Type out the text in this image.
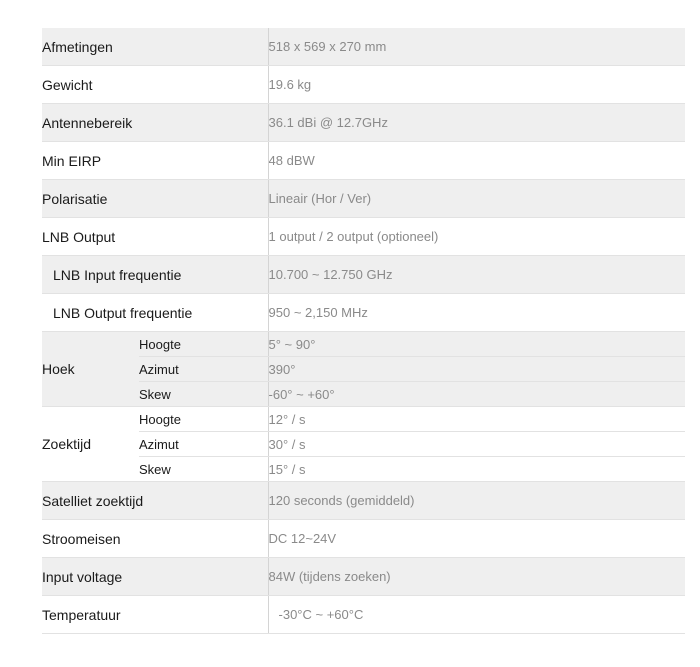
Afmetingen		518 x 569 x 270 mm
Gewicht		19.6 kg
Antennebereik		36.1 dBi @ 12.7GHz
Min EIRP		48 dBW
Polarisatie		Lineair (Hor / Ver)
LNB Output		1 output / 2 output (optioneel)
LNB Input frequentie		10.700 ~ 12.750 GHz
LNB Output frequentie		950 ~ 2,150 MHz
Hoek	Hoogte	5° ~ 90°
	Azimut	390°
	Skew	-60° ~ +60°
Zoektijd	Hoogte	12° / s
	Azimut	30° / s
	Skew	15° / s
Satelliet zoektijd		120 seconds (gemiddeld)
Stroomeisen		DC 12~24V
Input voltage		84W (tijdens zoeken)
Temperatuur		-30°C ~ +60°C
